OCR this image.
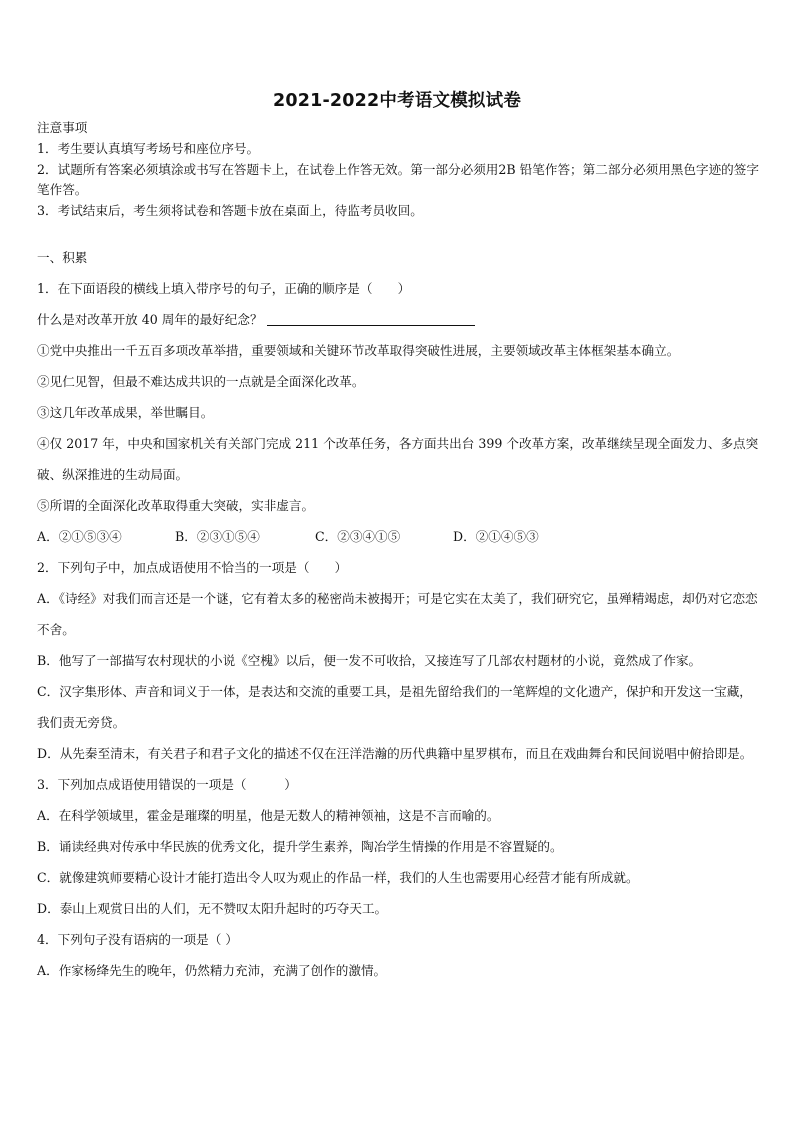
2021-2022中考语文模拟试卷

注意事项

1．考生要认真填写考场号和座位序号。

2．试题所有答案必须填涂或书写在答题卡上，在试卷上作答无效。第一部分必须用2B 铅笔作答；第二部分必须用黑色字迹的签字笔作答。

3．考试结束后，考生须将试卷和答题卡放在桌面上，待监考员收回。

一、积累

1．在下面语段的横线上填入带序号的句子，正确的顺序是（　　）

什么是对改革开放 40 周年的最好纪念？

①党中央推出一千五百多项改革举措，重要领域和关键环节改革取得突破性进展，主要领域改革主体框架基本确立。

②见仁见智，但最不难达成共识的一点就是全面深化改革。

③这几年改革成果，举世瞩目。

④仅 2017 年，中央和国家机关有关部门完成 211 个改革任务，各方面共出台 399 个改革方案，改革继续呈现全面发力、多点突破、纵深推进的生动局面。

⑤所谓的全面深化改革取得重大突破，实非虚言。

A．②①⑤③④	B．②③①⑤④	C．②③④①⑤	D．②①④⑤③

2．下列句子中，加点成语使用不恰当的一项是（　　）

A．《诗经》对我们而言还是一个谜，它有着太多的秘密尚未被揭开；可是它实在太美了，我们研究它，虽殚精竭虑，却仍对它恋恋不舍。

B．他写了一部描写农村现状的小说《空槐》以后，便一发不可收拾，又接连写了几部农村题材的小说，竟然成了作家。

C．汉字集形体、声音和词义于一体，是表达和交流的重要工具，是祖先留给我们的一笔辉煌的文化遗产，保护和开发这一宝藏，我们责无旁贷。

D．从先秦至清末，有关君子和君子文化的描述不仅在汪洋浩瀚的历代典籍中星罗棋布，而且在戏曲舞台和民间说唱中俯拾即是。

3．下列加点成语使用错误的一项是（　　　）

A．在科学领域里，霍金是璀璨的明星，他是无数人的精神领袖，这是不言而喻的。

B．诵读经典对传承中华民族的优秀文化，提升学生素养，陶冶学生情操的作用是不容置疑的。

C．就像建筑师要精心设计才能打造出令人叹为观止的作品一样，我们的人生也需要用心经营才能有所成就。

D．泰山上观赏日出的人们，无不赞叹太阳升起时的巧夺天工。

4．下列句子没有语病的一项是（ ）

A．作家杨绛先生的晚年，仍然精力充沛，充满了创作的激情。
